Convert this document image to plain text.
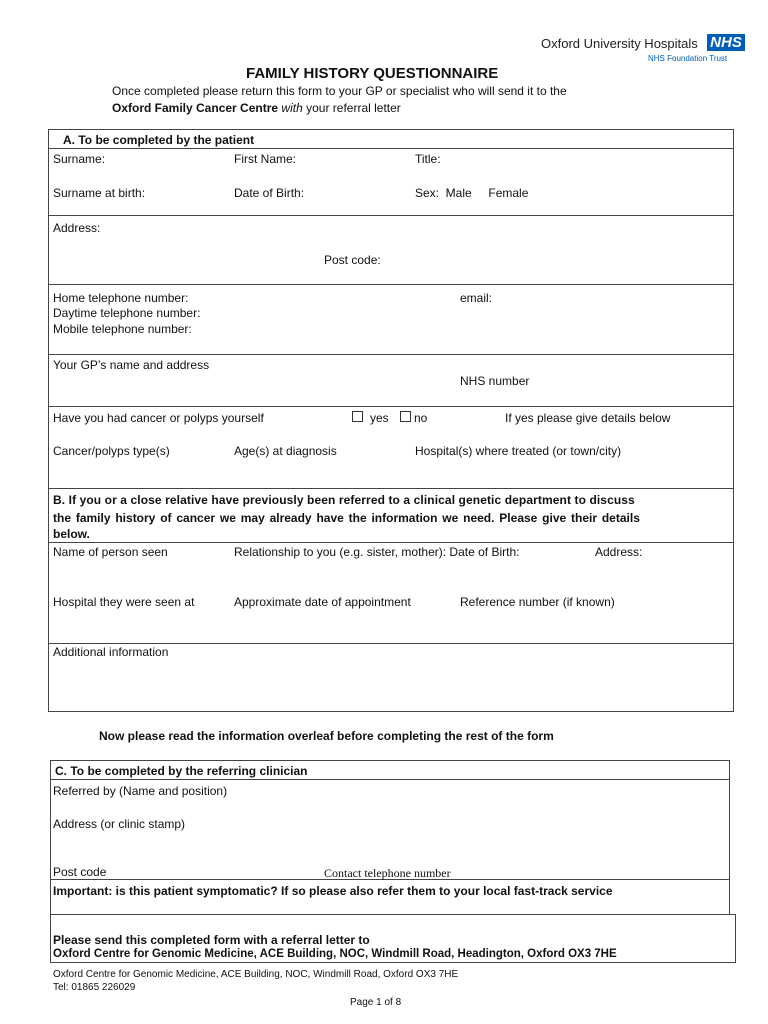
Oxford University Hospitals NHS
NHS Foundation Trust
FAMILY HISTORY QUESTIONNAIRE
Once completed please return this form to your GP or specialist who will send it to the
Oxford Family Cancer Centre with your referral letter
A. To be completed by the patient
Surname:	First Name:	Title:
Surname at birth:	Date of Birth:	Sex:  Male     Female
Address:
Post code:
Home telephone number:
Daytime telephone number:
Mobile telephone number:
email:
Your GP’s name and address
NHS number
Have you had cancer or polyps yourself	yes no	If yes please give details below
Cancer/polyps type(s)	Age(s) at diagnosis	Hospital(s) where treated (or town/city)
B. If you or a close relative have previously been referred to a clinical genetic department to discuss
the family history of cancer we may already have the information we need. Please give their details
below.
Name of person seen	Relationship to you (e.g. sister, mother): Date of Birth:	Address:
Hospital they were seen at	Approximate date of appointment	Reference number (if known)
Additional information
Now please read the information overleaf before completing the rest of the form
C. To be completed by the referring clinician
Referred by (Name and position)
Address (or clinic stamp)
Post code	Contact telephone number
Important: is this patient symptomatic? If so please also refer them to your local fast-track service
Please send this completed form with a referral letter to
Oxford Centre for Genomic Medicine, ACE Building, NOC, Windmill Road, Headington, Oxford OX3 7HE
Oxford Centre for Genomic Medicine, ACE Building, NOC, Windmill Road, Oxford OX3 7HE
Tel: 01865 226029
Page 1 of 8
